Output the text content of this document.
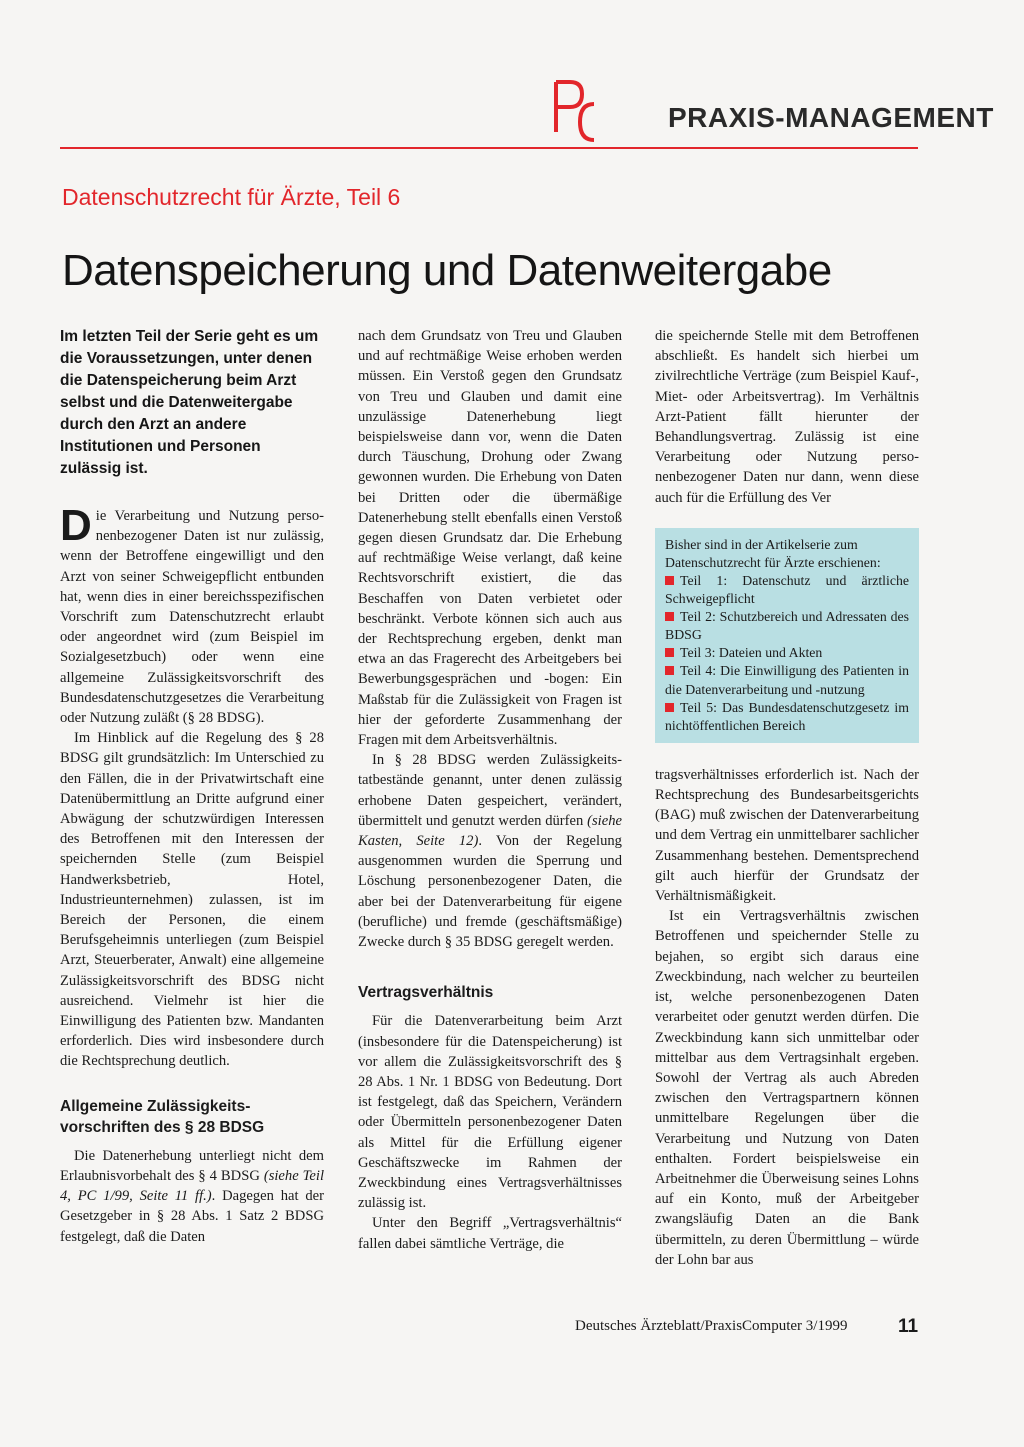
PRAXIS-MANAGEMENT
Datenschutzrecht für Ärzte, Teil 6
Datenspeicherung und Datenweitergabe
Im letzten Teil der Serie geht es um die Voraussetzungen, unter denen die Datenspeicherung beim Arzt selbst und die Datenweitergabe durch den Arzt an andere Institutionen und Personen zulässig ist.

Die Verarbeitung und Nutzung personenbezogener Daten ist nur zulässig, wenn der Betroffene eingewilligt und den Arzt von seiner Schweigepflicht entbunden hat, wenn dies in einer bereichsspezifischen Vorschrift zum Datenschutzrecht erlaubt oder angeordnet wird (zum Beispiel im Sozialgesetzbuch) oder wenn eine allgemeine Zulässigkeitsvorschrift des Bundesdatenschutzgesetzes die Verarbeitung oder Nutzung zuläßt (§ 28 BDSG).

Im Hinblick auf die Regelung des § 28 BDSG gilt grundsätzlich: Im Unterschied zu den Fällen, die in der Privatwirtschaft eine Datenübermittlung an Dritte aufgrund einer Abwägung der schutzwürdigen Interessen des Betroffenen mit den Interessen der speichernden Stelle (zum Beispiel Handwerksbetrieb, Hotel, Industrieunternehmen) zulassen, ist im Bereich der Personen, die einem Berufsgeheimnis unterliegen (zum Beispiel Arzt, Steuerberater, Anwalt) eine allgemeine Zulässigkeitsvorschrift des BDSG nicht ausreichend. Vielmehr ist hier die Einwilligung des Patienten bzw. Mandanten erforderlich. Dies wird insbesondere durch die Rechtsprechung deutlich.

Allgemeine Zulässigkeitsvorschriften des § 28 BDSG

Die Datenerhebung unterliegt nicht dem Erlaubnisvorbehalt des § 4 BDSG (siehe Teil 4, PC 1/99, Seite 11 ff.). Dagegen hat der Gesetzgeber in § 28 Abs. 1 Satz 2 BDSG festgelegt, daß die Daten

nach dem Grundsatz von Treu und Glauben und auf rechtmäßige Weise erhoben werden müssen. Ein Verstoß gegen den Grundsatz von Treu und Glauben und damit eine unzulässige Datenerhebung liegt beispielsweise dann vor, wenn die Daten durch Täuschung, Drohung oder Zwang gewonnen wurden. Die Erhebung von Daten bei Dritten oder die übermäßige Datenerhebung stellt ebenfalls einen Verstoß gegen diesen Grundsatz dar. Die Erhebung auf rechtmäßige Weise verlangt, daß keine Rechtsvorschrift existiert, die das Beschaffen von Daten verbietet oder beschränkt. Verbote können sich auch aus der Rechtsprechung ergeben, denkt man etwa an das Fragerecht des Arbeitgebers bei Bewerbungsgesprächen und -bogen: Ein Maßstab für die Zulässigkeit von Fragen ist hier der geforderte Zusammenhang der Fragen mit dem Arbeitsverhältnis.

In § 28 BDSG werden Zulässigkeitstatbestände genannt, unter denen zulässig erhobene Daten gespeichert, verändert, übermittelt und genutzt werden dürfen (siehe Kasten, Seite 12). Von der Regelung ausgenommen wurden die Sperrung und Löschung personenbezogener Daten, die aber bei der Datenverarbeitung für eigene (berufliche) und fremde (geschäftsmäßige) Zwecke durch § 35 BDSG geregelt werden.

Vertragsverhältnis

Für die Datenverarbeitung beim Arzt (insbesondere für die Datenspeicherung) ist vor allem die Zulässigkeitsvorschrift des § 28 Abs. 1 Nr. 1 BDSG von Bedeutung. Dort ist festgelegt, daß das Speichern, Verändern oder Übermitteln personenbezogener Daten als Mittel für die Erfüllung eigener Geschäftszwecke im Rahmen der Zweckbindung eines Vertragsverhältnisses zulässig ist.

Unter den Begriff „Vertragsverhältnis“ fallen dabei sämtliche Verträge, die

die speichernde Stelle mit dem Betroffenen abschließt. Es handelt sich hierbei um zivilrechtliche Verträge (zum Beispiel Kauf-, Miet- oder Arbeitsvertrag). Im Verhältnis Arzt-Patient fällt hierunter der Behandlungsvertrag. Zulässig ist eine Verarbeitung oder Nutzung personenbezogener Daten nur dann, wenn diese auch für die Erfüllung des Ver

Bisher sind in der Artikelserie zum Datenschutzrecht für Ärzte erschienen:
Teil 1: Datenschutz und ärztliche Schweigepflicht
Teil 2: Schutzbereich und Adressaten des BDSG
Teil 3: Dateien und Akten
Teil 4: Die Einwilligung des Patienten in die Datenverarbeitung und -nutzung
Teil 5: Das Bundesdatenschutzgesetz im nichtöffentlichen Bereich

tragsverhältnisses erforderlich ist. Nach der Rechtsprechung des Bundesarbeitsgerichts (BAG) muß zwischen der Datenverarbeitung und dem Vertrag ein unmittelbarer sachlicher Zusammenhang bestehen. Dementsprechend gilt auch hierfür der Grundsatz der Verhältnismäßigkeit.

Ist ein Vertragsverhältnis zwischen Betroffenen und speichernder Stelle zu bejahen, so ergibt sich daraus eine Zweckbindung, nach welcher zu beurteilen ist, welche personenbezogenen Daten verarbeitet oder genutzt werden dürfen. Die Zweckbindung kann sich unmittelbar oder mittelbar aus dem Vertragsinhalt ergeben. Sowohl der Vertrag als auch Abreden zwischen den Vertragspartnern können unmittelbare Regelungen über die Verarbeitung und Nutzung von Daten enthalten. Fordert beispielsweise ein Arbeitnehmer die Überweisung seines Lohns auf ein Konto, muß der Arbeitgeber zwangsläufig Daten an die Bank übermitteln, zu deren Übermittlung – würde der Lohn bar aus

Deutsches Ärzteblatt/PraxisComputer 3/1999	11
